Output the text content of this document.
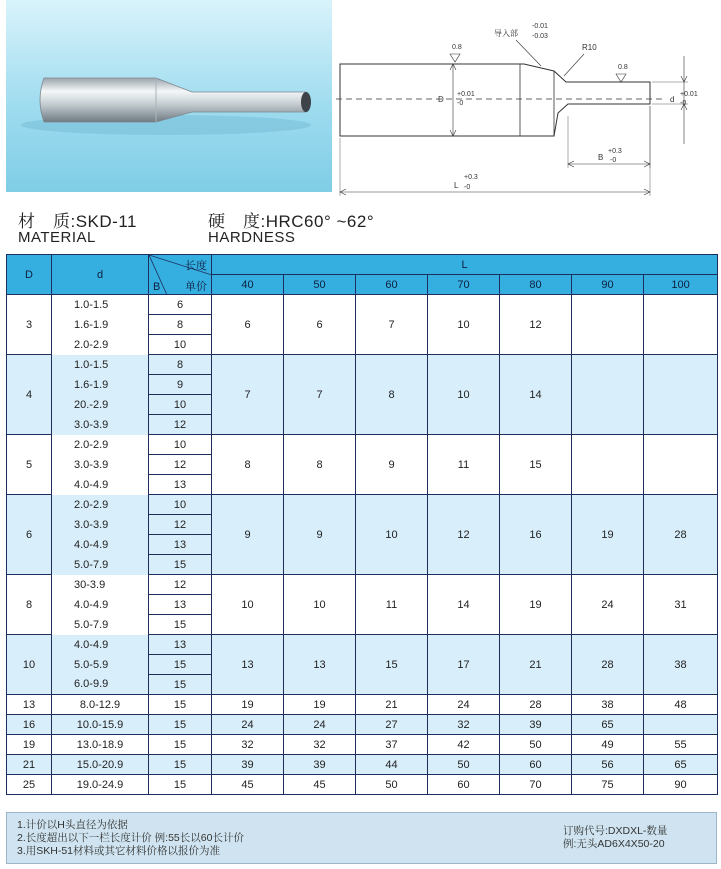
D
+0.01
-0
0.8
0.8
导入部
-0.01
-0.03
R10
d
+0.01
-0
B
+0.3
-0
L
+0.3
-0
材　质:SKD-11
MATERIAL
硬　度:HRC60° ~62°
HARDNESS
D	d	长度
单价
B	L						
			40	50	60	70	80	90	100
3	1.0-1.5	6	6	6	7	10	12		
	1.6-1.9	8							
	2.0-2.9	10							
4	1.0-1.5	8	7	7	8	10	14		
	1.6-1.9	9							
	20.-2.9	10							
	3.0-3.9	12							
5	2.0-2.9	10	8	8	9	11	15		
	3.0-3.9	12							
	4.0-4.9	13							
6	2.0-2.9	10	9	9	10	12	16	19	28
	3.0-3.9	12							
	4.0-4.9	13							
	5.0-7.9	15							
8	30-3.9	12	10	10	11	14	19	24	31
	4.0-4.9	13							
	5.0-7.9	15							
10	4.0-4.9	13	13	13	15	17	21	28	38
	5.0-5.9	15							
	6.0-9.9	15							
13	8.0-12.9	15	19	19	21	24	28	38	48
16	10.0-15.9	15	24	24	27	32	39	65	
19	13.0-18.9	15	32	32	37	42	50	49	55
21	15.0-20.9	15	39	39	44	50	60	56	65
25	19.0-24.9	15	45	45	50	60	70	75	90
1.计价以H头直径为依据
2.长度超出以下一栏长度计价 例:55长以60长计价
3.用SKH-51材料或其它材料价格以报价为准
订购代号:DXDXL-数量
例:无头AD6X4X50-20
